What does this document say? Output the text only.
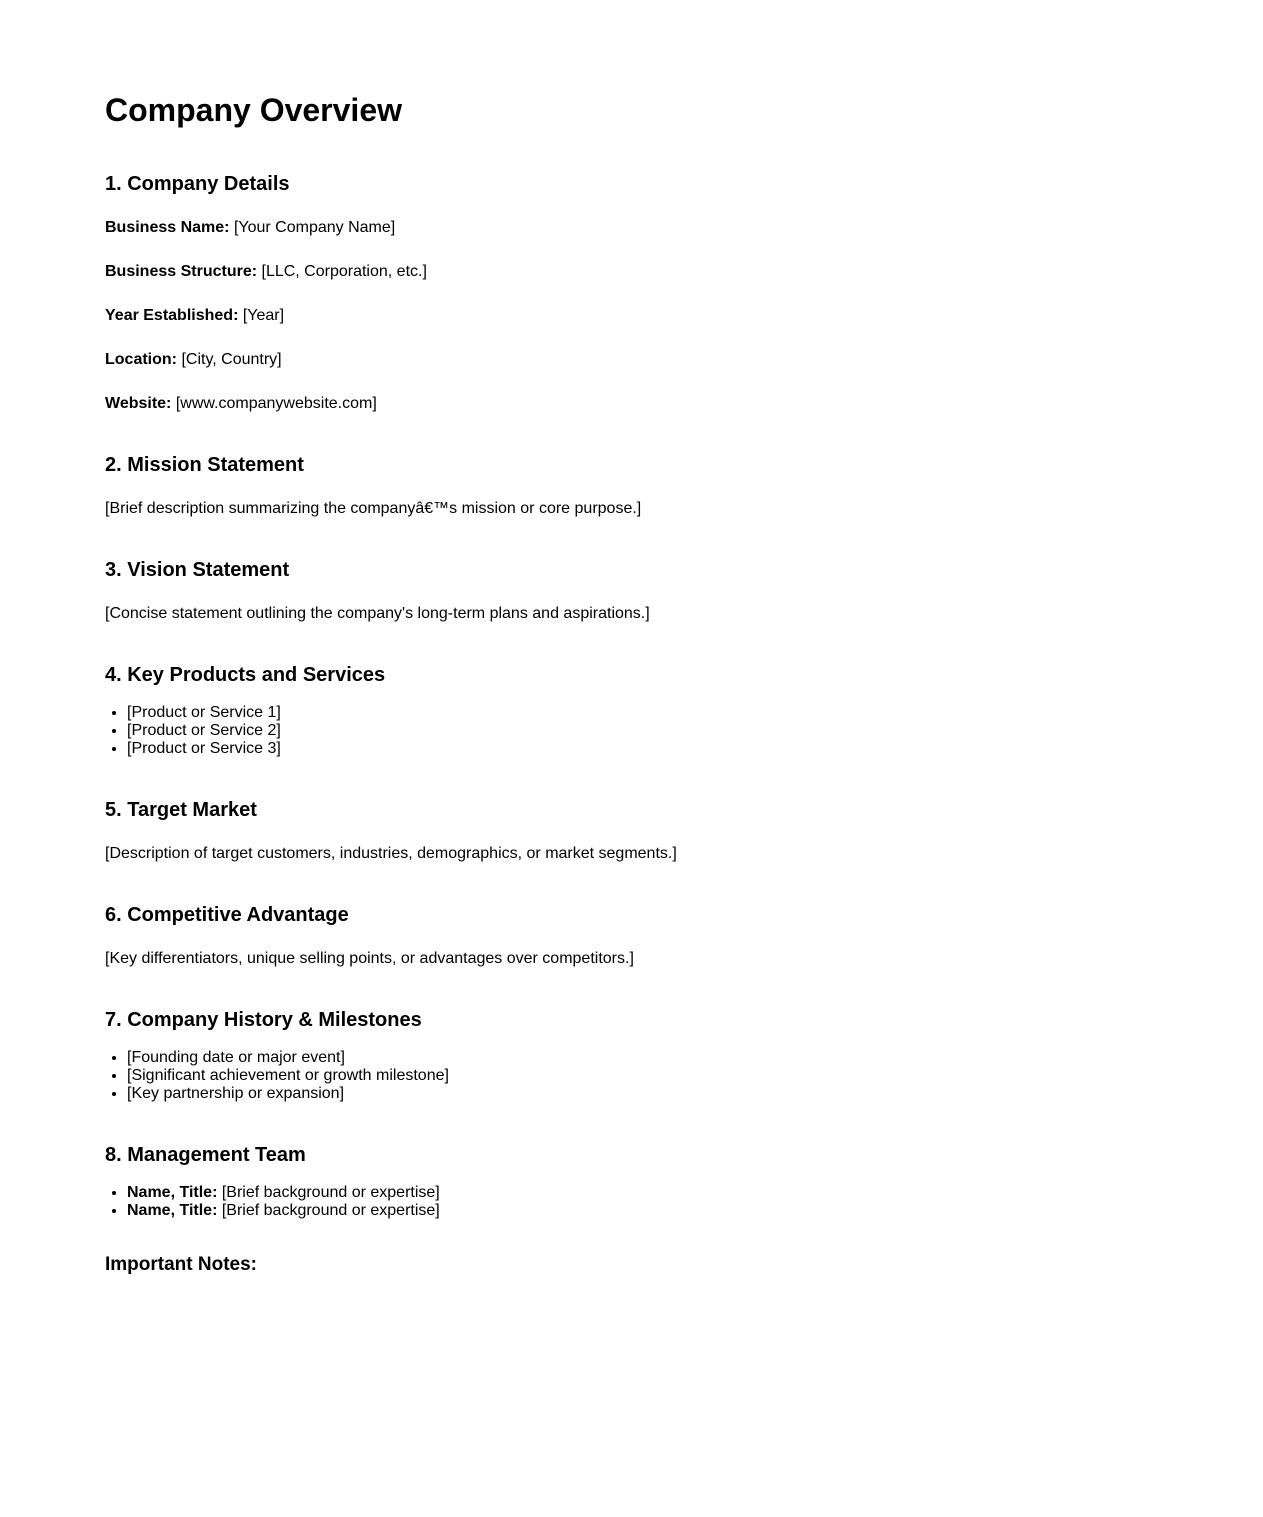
Company Overview
1. Company Details

Business Name: [Your Company Name]

Business Structure: [LLC, Corporation, etc.]

Year Established: [Year]

Location: [City, Country]

Website: [www.companywebsite.com]

2. Mission Statement

[Brief description summarizing the companyâ€™s mission or core purpose.]

3. Vision Statement

[Concise statement outlining the company's long-term plans and aspirations.]

4. Key Products and Services
• [Product or Service 1]
• [Product or Service 2]
• [Product or Service 3]
5. Target Market

[Description of target customers, industries, demographics, or market segments.]

6. Competitive Advantage

[Key differentiators, unique selling points, or advantages over competitors.]

7. Company History & Milestones
• [Founding date or major event]
• [Significant achievement or growth milestone]
• [Key partnership or expansion]
8. Management Team
• Name, Title: [Brief background or expertise]
• Name, Title: [Brief background or expertise]
Important Notes:
